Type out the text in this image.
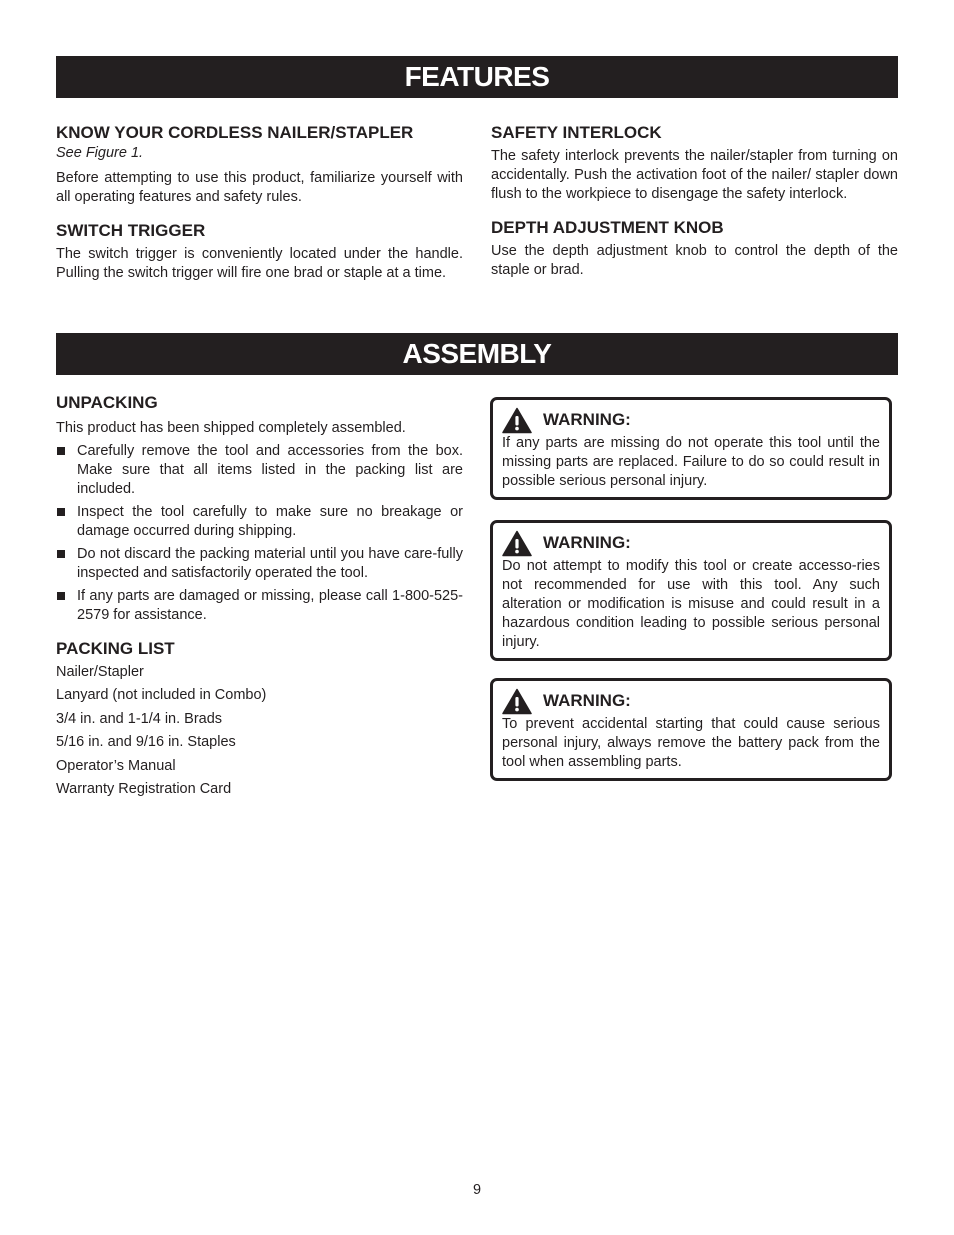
FEATURES

KNOW YOUR CORDLESS NAILER/STAPLER

See Figure 1.

Before attempting to use this product, familiarize yourself with all operating features and safety rules.

SWITCH TRIGGER

The switch trigger is conveniently located under the handle. Pulling the switch trigger will fire one brad or staple at a time.

SAFETY INTERLOCK

The safety interlock prevents the nailer/stapler from turning on accidentally. Push the activation foot of the nailer/ stapler down flush to the workpiece to disengage the safety interlock.

DEPTH ADJUSTMENT KNOB

Use the depth adjustment knob to control the depth of the staple or brad.

ASSEMBLY

UNPACKING

This product has been shipped completely assembled.

Carefully remove the tool and accessories from the box. Make sure that all items listed in the packing list are included.
Inspect the tool carefully to make sure no breakage or damage occurred during shipping.
Do not discard the packing material until you have care-fully inspected and satisfactorily operated the tool.
If any parts are damaged or missing, please call 1-800-525-2579 for assistance.

PACKING LIST

Nailer/Stapler
Lanyard (not included in Combo)
3/4 in. and 1-1/4 in. Brads
5/16 in. and 9/16 in. Staples
Operator’s Manual
Warranty Registration Card
WARNING:

If any parts are missing do not operate this tool until the missing parts are replaced. Failure to do so could result in possible serious personal injury.

WARNING:

Do not attempt to modify this tool or create accesso-ries not recommended for use with this tool. Any such alteration or modification is misuse and could result in a hazardous condition leading to possible serious personal injury.

WARNING:

To prevent accidental starting that could cause serious personal injury, always remove the battery pack from the tool when assembling parts.

9
